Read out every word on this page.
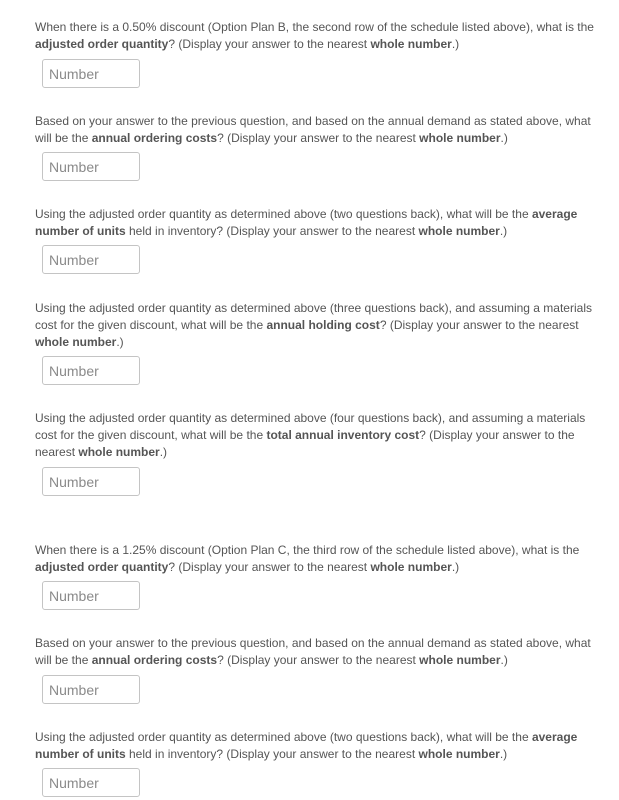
When there is a 0.50% discount (Option Plan B, the second row of the schedule listed above), what is the adjusted order quantity? (Display your answer to the nearest whole number.)

Number

Based on your answer to the previous question, and based on the annual demand as stated above, what will be the annual ordering costs? (Display your answer to the nearest whole number.)

Number

Using the adjusted order quantity as determined above (two questions back), what will be the average number of units held in inventory? (Display your answer to the nearest whole number.)

Number

Using the adjusted order quantity as determined above (three questions back), and assuming a materials cost for the given discount, what will be the annual holding cost? (Display your answer to the nearest whole number.)

Number

Using the adjusted order quantity as determined above (four questions back), and assuming a materials cost for the given discount, what will be the total annual inventory cost? (Display your answer to the nearest whole number.)

Number

When there is a 1.25% discount (Option Plan C, the third row of the schedule listed above), what is the adjusted order quantity? (Display your answer to the nearest whole number.)

Number

Based on your answer to the previous question, and based on the annual demand as stated above, what will be the annual ordering costs? (Display your answer to the nearest whole number.)

Number

Using the adjusted order quantity as determined above (two questions back), what will be the average number of units held in inventory? (Display your answer to the nearest whole number.)

Number
